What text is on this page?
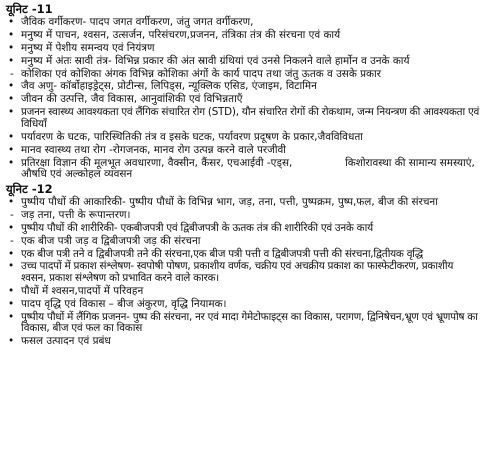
यूनिट -11
• जैविक वर्गीकरण- पादप जगत वर्गीकरण, जंतु जगत वर्गीकरण,
• मनुष्य में पाचन, श्वसन, उत्सर्जन, परिसंचरण,प्रजनन, तंत्रिका तंत्र की संरचना एवं कार्य
• मनुष्य में पेशीय समन्वय एवं नियंत्रण
• मनुष्य में अंतः स्रावी तंत्र- विभिन्न प्रकार की अंत स्रावी ग्रंथियां एवं उनसे निकलने वाले हार्मोन व उनके कार्य
- कोशिका एवं कोशिका अंगक विभिन्न कोशिका अंगों के कार्य पादप तथा जंतु ऊतक व उसके प्रकार
• जैव अणु- कॉर्बोहाइड्रेट्स, प्रोटीन्स, लिपिड्स, न्यूक्लिक एसिड, एंजाइम, विटामिन
• जीवन की उत्पत्ति, जैव विकास, आनुवांशिकी एवं विभिन्नताएँ
• प्रजनन स्वास्थ्य आवश्यकता एवं लैंगिक संचारित रोग (STD), यौन संचारित रोगों की रोकथाम, जन्म नियन्त्रण की आवश्यकता एवं विधियाँ
• पर्यावरण के घटक, पारिस्थितिकी तंत्र व इसके घटक, पर्यावरण प्रदूषण के प्रकार,जैवविविधता
• मानव स्वास्थ्य तथा रोग -रोगजनक, मानव रोग उत्पन्न करने वाले परजीवी
• प्रतिरक्षा विज्ञान की मूलभूत अवधारणा, वैक्सीन, कैंसर, एचआईवी -एड्स,                किशोरावस्था की सामान्य समस्याएं, औषधि एवं अल्कोहल व्यवसन
यूनिट -12
• पुष्पीय पौधों की आकारिकी- पुष्पीय पौधों के विभिन्न भाग, जड़, तना, पत्ती, पुष्पक्रम, पुष्प,फल, बीज की संरचना
- जड़ तना, पत्ती के रूपान्तरण।
• पुष्पीय पौधों की शारीरिकी- एकबीजपत्री एवं द्विबीजपत्री के ऊतक तंत्र की शारीरिकी एवं उनके कार्य
- एक बीज पत्री जड़ व द्विबीजपत्री जड़ की संरचना
• एक बीज पत्री तने व द्विबीजपत्री तने की संरचना,एक बीज पत्री पत्ती व द्विबीजपत्री पत्ती की संरचना,द्वितीयक वृद्धि
• उच्च पादपों में प्रकाश संश्लेषण- स्वपोषी पोषण, प्रकाशीय वर्णक, चक्रीय एवं अचक्रीय प्रकाश का फास्फेटीकरण, प्रकाशीय श्वसन, प्रकाश संश्लेषण को प्रभावित करने वाले कारक।
• पौधों में श्वसन,पादपों में परिवहन
• पादप वृद्धि एवं विकास – बीज अंकुरण, वृद्धि नियामक।
• पुष्पीय पौधों में लैंगिक प्रजनन- पुष्प की संरचना, नर एवं मादा गेमेटोफाइट्स का विकास, परागण, द्विनिषेचन,भ्रूण एवं भ्रूणपोष का विकास, बीज एवं फल का विकास
• फसल उत्पादन एवं प्रबंध
